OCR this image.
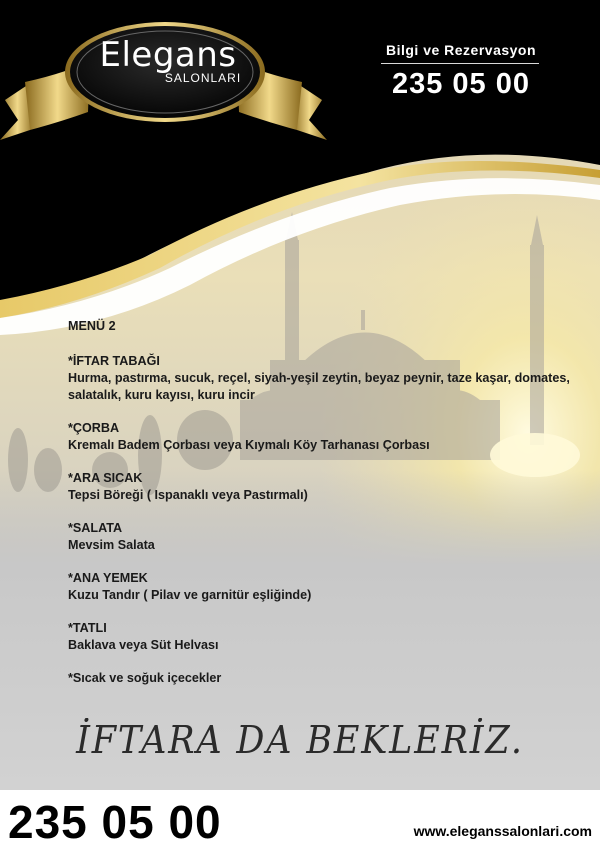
Elegans
SALONLARI
Bilgi ve Rezervasyon
235 05 00
MENÜ 2
*İFTAR TABAĞI
Hurma, pastırma, sucuk, reçel, siyah-yeşil zeytin, beyaz peynir, taze kaşar, domates, salatalık, kuru kayısı, kuru incir
*ÇORBA
Kremalı Badem Çorbası veya Kıymalı Köy Tarhanası Çorbası
*ARA SICAK
Tepsi Böreği ( Ispanaklı veya Pastırmalı)
*SALATA
Mevsim Salata
*ANA YEMEK
Kuzu Tandır ( Pilav ve garnitür eşliğinde)
*TATLI
Baklava veya Süt Helvası
*Sıcak ve soğuk içecekler
İFTARA DA BEKLERİZ.
235 05 00	www.eleganssalonlari.com
